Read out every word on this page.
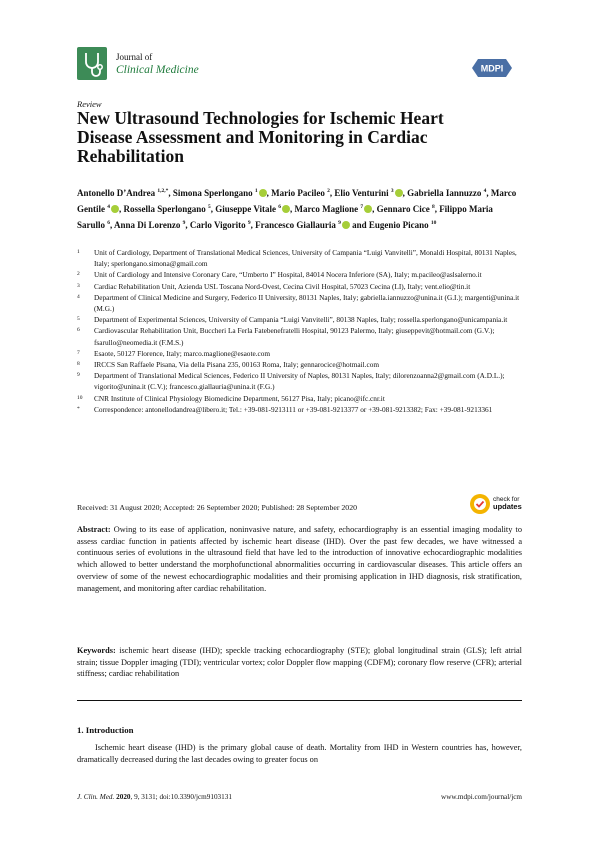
Journal of
Clinical Medicine	MDPI
Review
New Ultrasound Technologies for Ischemic Heart Disease Assessment and Monitoring in Cardiac Rehabilitation
Antonello D’Andrea $^{1,2,*}$, Simona Sperlongano $^1$ , Mario Pacileo $^2$, Elio Venturini $^3$ , Gabriella Iannuzzo $^4$, Marco Gentile $^4$ , Rossella Sperlongano $^5$, Giuseppe Vitale $^6$ , Marco Maglione $^7$ , Gennaro Cice $^8$, Filippo Maria Sarullo $^6$, Anna Di Lorenzo $^9$, Carlo Vigorito $^9$, Francesco Giallauria $^9$ and Eugenio Picano $^{10}$
1	Unit of Cardiology, Department of Translational Medical Sciences, University of Campania “Luigi Vanvitelli”, Monaldi Hospital, 80131 Naples, Italy; sperlongano.simona@gmail.com
2	Unit of Cardiology and Intensive Coronary Care, “Umberto I” Hospital, 84014 Nocera Inferiore (SA), Italy; m.pacileo@aslsalerno.it
3	Cardiac Rehabilitation Unit, Azienda USL Toscana Nord-Ovest, Cecina Civil Hospital, 57023 Cecina (LI), Italy; vent.elio@tin.it
4	Department of Clinical Medicine and Surgery, Federico II University, 80131 Naples, Italy; gabriella.iannuzzo@unina.it (G.I.); margenti@unina.it (M.G.)
5	Department of Experimental Sciences, University of Campania “Luigi Vanvitelli”, 80138 Naples, Italy; rossella.sperlongano@unicampania.it
6	Cardiovascular Rehabilitation Unit, Buccheri La Ferla Fatebenefratelli Hospital, 90123 Palermo, Italy; giuseppevit@hotmail.com (G.V.); fsarullo@neomedia.it (F.M.S.)
7	Esaote, 50127 Florence, Italy; marco.maglione@esaote.com
8	IRCCS San Raffaele Pisana, Via della Pisana 235, 00163 Roma, Italy; gennarocice@hotmail.com
9	Department of Translational Medical Sciences, Federico II University of Naples, 80131 Naples, Italy; dilorenzoanna2@gmail.com (A.D.L.); vigorito@unina.it (C.V.); francesco.giallauria@unina.it (F.G.)
10	CNR Institute of Clinical Physiology Biomedicine Department, 56127 Pisa, Italy; picano@ifc.cnr.it
*	Correspondence: antonellodandrea@libero.it; Tel.: +39-081-9213111 or +39-081-9213377 or +39-081-9213382; Fax: +39-081-9213361
Received: 31 August 2020; Accepted: 26 September 2020; Published: 28 September 2020
check for
updates
Abstract: Owing to its ease of application, noninvasive nature, and safety, echocardiography is an essential imaging modality to assess cardiac function in patients affected by ischemic heart disease (IHD). Over the past few decades, we have witnessed a continuous series of evolutions in the ultrasound field that have led to the introduction of innovative echocardiographic modalities which allowed to better understand the morphofunctional abnormalities occurring in cardiovascular diseases. This article offers an overview of some of the newest echocardiographic modalities and their promising application in IHD diagnosis, risk stratification, management, and monitoring after cardiac rehabilitation.
Keywords: ischemic heart disease (IHD); speckle tracking echocardiography (STE); global longitudinal strain (GLS); left atrial strain; tissue Doppler imaging (TDI); ventricular vortex; color Doppler flow mapping (CDFM); coronary flow reserve (CFR); arterial stiffness; cardiac rehabilitation
1. Introduction
Ischemic heart disease (IHD) is the primary global cause of death. Mortality from IHD in Western countries has, however, dramatically decreased during the last decades owing to greater focus on
J. Clin. Med. 2020, 9, 3131; doi:10.3390/jcm9103131	www.mdpi.com/journal/jcm
